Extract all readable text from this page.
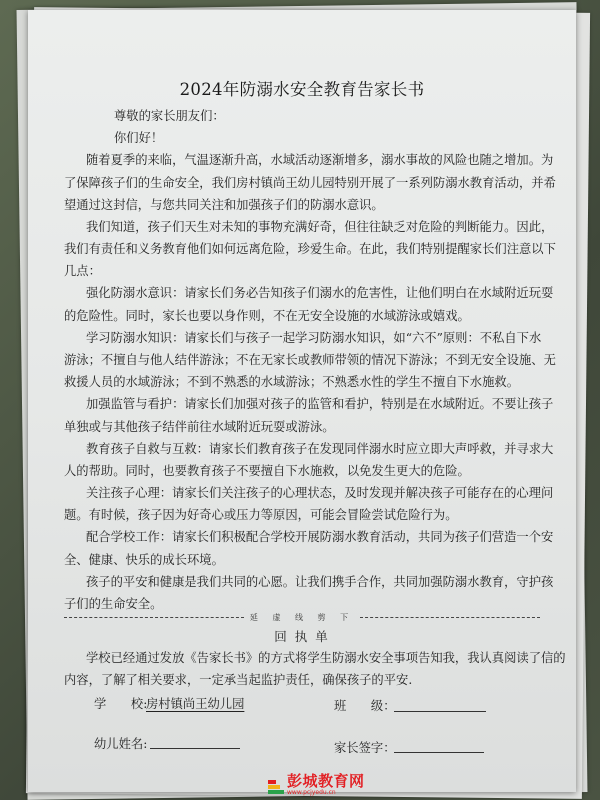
2024年防溺水安全教育告家长书
尊敬的家长朋友们：
你们好！
随着夏季的来临，气温逐渐升高，水域活动逐渐增多，溺水事故的风险也随之增加。为
了保障孩子们的生命安全，我们房村镇尚王幼儿园特别开展了一系列防溺水教育活动，并希
望通过这封信，与您共同关注和加强孩子们的防溺水意识。
我们知道，孩子们天生对未知的事物充满好奇，但往往缺乏对危险的判断能力。因此，
我们有责任和义务教育他们如何远离危险，珍爱生命。在此，我们特别提醒家长们注意以下
几点：
强化防溺水意识：请家长们务必告知孩子们溺水的危害性，让他们明白在水域附近玩耍
的危险性。同时，家长也要以身作则，不在无安全设施的水域游泳或嬉戏。
学习防溺水知识：请家长们与孩子一起学习防溺水知识，如“六不”原则：不私自下水
游泳；不擅自与他人结伴游泳；不在无家长或教师带领的情况下游泳；不到无安全设施、无
救援人员的水域游泳；不到不熟悉的水域游泳；不熟悉水性的学生不擅自下水施救。
加强监管与看护：请家长们加强对孩子的监管和看护，特别是在水域附近。不要让孩子
单独或与其他孩子结伴前往水域附近玩耍或游泳。
教育孩子自救与互救：请家长们教育孩子在发现同伴溺水时应立即大声呼救，并寻求大
人的帮助。同时，也要教育孩子不要擅自下水施救，以免发生更大的危险。
关注孩子心理：请家长们关注孩子的心理状态，及时发现并解决孩子可能存在的心理问
题。有时候，孩子因为好奇心或压力等原因，可能会冒险尝试危险行为。
配合学校工作：请家长们积极配合学校开展防溺水教育活动，共同为孩子们营造一个安
全、健康、快乐的成长环境。
孩子的平安和健康是我们共同的心愿。让我们携手合作，共同加强防溺水教育，守护孩
子们的生命安全。
延 虚 线 剪 下
回 执 单
学校已经通过发放《告家长书》的方式将学生防溺水安全事项告知我，我认真阅读了信的
内容，了解了相关要求，一定承当起监护责任，确保孩子的平安.
学　　校:
房村镇尚王幼儿园	班　　级：
幼儿姓名:	家长签字：
彭城教育网
www.pcjyedu.cn
